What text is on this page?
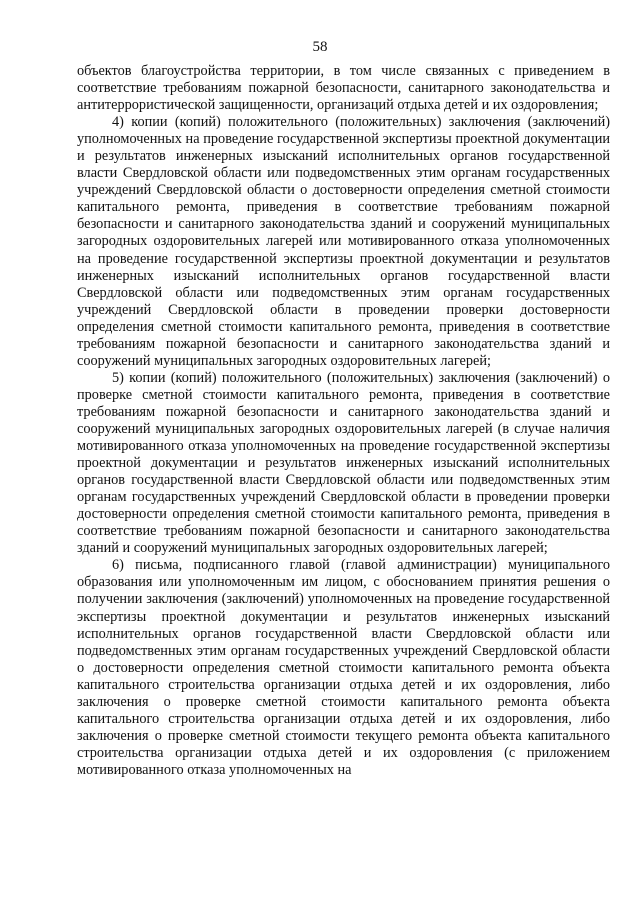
58

объектов благоустройства территории, в том числе связанных с приведением в соответствие требованиям пожарной безопасности, санитарного законодательства и антитеррористической защищенности, организаций отдыха детей и их оздоровления;

4) копии (копий) положительного (положительных) заключения (заключений) уполномоченных на проведение государственной экспертизы проектной документации и результатов инженерных изысканий исполнительных органов государственной власти Свердловской области или подведомственных этим органам государственных учреждений Свердловской области о достоверности определения сметной стоимости капитального ремонта, приведения в соответствие требованиям пожарной безопасности и санитарного законодательства зданий и сооружений муниципальных загородных оздоровительных лагерей или мотивированного отказа уполномоченных на проведение государственной экспертизы проектной документации и результатов инженерных изысканий исполнительных органов государственной власти Свердловской области или подведомственных этим органам государственных учреждений Свердловской области в проведении проверки достоверности определения сметной стоимости капитального ремонта, приведения в соответствие требованиям пожарной безопасности и санитарного законодательства зданий и сооружений муниципальных загородных оздоровительных лагерей;

5) копии (копий) положительного (положительных) заключения (заключений) о проверке сметной стоимости капитального ремонта, приведения в соответствие требованиям пожарной безопасности и санитарного законодательства зданий и сооружений муниципальных загородных оздоровительных лагерей (в случае наличия мотивированного отказа уполномоченных на проведение государственной экспертизы проектной документации и результатов инженерных изысканий исполнительных органов государственной власти Свердловской области или подведомственных этим органам государственных учреждений Свердловской области в проведении проверки достоверности определения сметной стоимости капитального ремонта, приведения в соответствие требованиям пожарной безопасности и санитарного законодательства зданий и сооружений муниципальных загородных оздоровительных лагерей;

6) письма, подписанного главой (главой администрации) муниципального образования или уполномоченным им лицом, с обоснованием принятия решения о получении заключения (заключений) уполномоченных на проведение государственной экспертизы проектной документации и результатов инженерных изысканий исполнительных органов государственной власти Свердловской области или подведомственных этим органам государственных учреждений Свердловской области о достоверности определения сметной стоимости капитального ремонта объекта капитального строительства организации отдыха детей и их оздоровления, либо заключения о проверке сметной стоимости капитального ремонта объекта капитального строительства организации отдыха детей и их оздоровления, либо заключения о проверке сметной стоимости текущего ремонта объекта капитального строительства организации отдыха детей и их оздоровления (с приложением мотивированного отказа уполномоченных на
